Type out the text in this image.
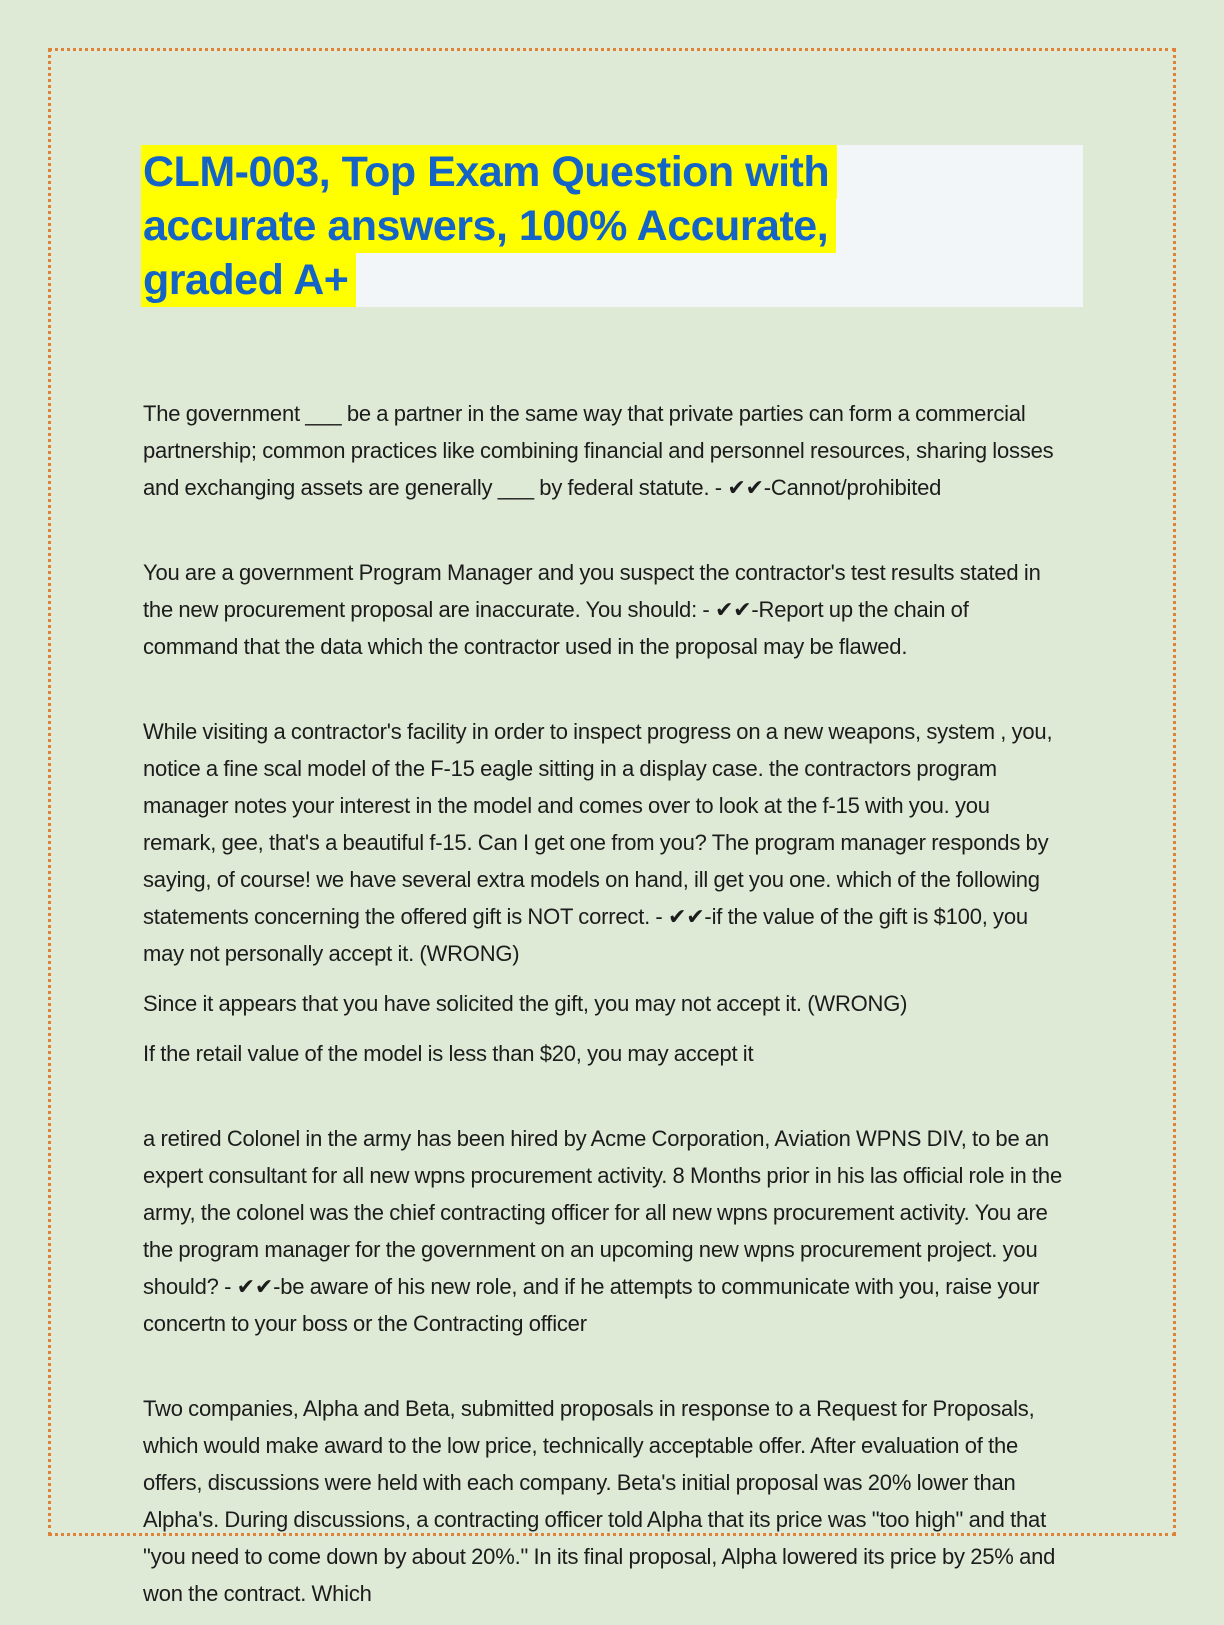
CLM-003, Top Exam Question with
accurate answers, 100% Accurate,
graded A+

The government ___ be a partner in the same way that private parties can form a commercial partnership; common practices like combining financial and personnel resources, sharing losses and exchanging assets are generally ___ by federal statute. - ✔✔-Cannot/prohibited

You are a government Program Manager and you suspect the contractor's test results stated in the new procurement proposal are inaccurate. You should: - ✔✔-Report up the chain of command that the data which the contractor used in the proposal may be flawed.

While visiting a contractor's facility in order to inspect progress on a new weapons, system , you, notice a fine scal model of the F-15 eagle sitting in a display case. the contractors program manager notes your interest in the model and comes over to look at the f-15 with you. you remark, gee, that's a beautiful f-15. Can I get one from you? The program manager responds by saying, of course! we have several extra models on hand, ill get you one. which of the following statements concerning the offered gift is NOT correct. - ✔✔-if the value of the gift is $100, you may not personally accept it. (WRONG)

Since it appears that you have solicited the gift, you may not accept it. (WRONG)

If the retail value of the model is less than $20, you may accept it

a retired Colonel in the army has been hired by Acme Corporation, Aviation WPNS DIV, to be an expert consultant for all new wpns procurement activity. 8 Months prior in his las official role in the army, the colonel was the chief contracting officer for all new wpns procurement activity. You are the program manager for the government on an upcoming new wpns procurement project. you should? - ✔✔-be aware of his new role, and if he attempts to communicate with you, raise your concertn to your boss or the Contracting officer

Two companies, Alpha and Beta, submitted proposals in response to a Request for Proposals, which would make award to the low price, technically acceptable offer. After evaluation of the offers, discussions were held with each company. Beta's initial proposal was 20% lower than Alpha's. During discussions, a contracting officer told Alpha that its price was "too high" and that "you need to come down by about 20%." In its final proposal, Alpha lowered its price by 25% and won the contract. Which
